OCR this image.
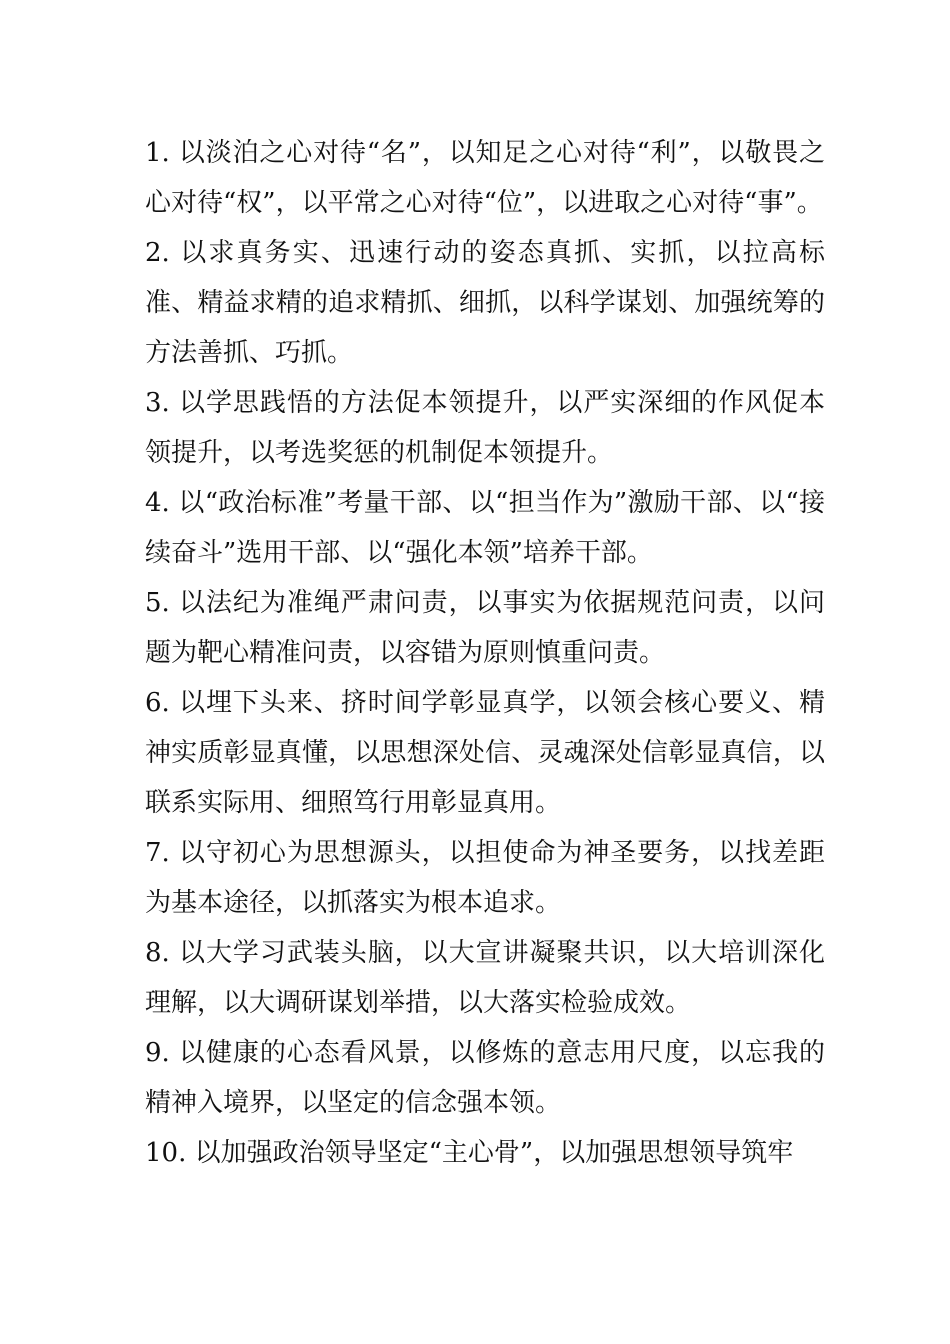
1. 以淡泊之心对待“名”，以知足之心对待“利”，以敬畏之心对待“权”，以平常之心对待“位”，以进取之心对待“事”。

2. 以求真务实、迅速行动的姿态真抓、实抓，以拉高标准、精益求精的追求精抓、细抓，以科学谋划、加强统筹的方法善抓、巧抓。

3. 以学思践悟的方法促本领提升，以严实深细的作风促本领提升，以考选奖惩的机制促本领提升。

4. 以“政治标准”考量干部、以“担当作为”激励干部、以“接续奋斗”选用干部、以“强化本领”培养干部。

5. 以法纪为准绳严肃问责，以事实为依据规范问责，以问题为靶心精准问责，以容错为原则慎重问责。

6. 以埋下头来、挤时间学彰显真学，以领会核心要义、精神实质彰显真懂，以思想深处信、灵魂深处信彰显真信，以联系实际用、细照笃行用彰显真用。

7. 以守初心为思想源头，以担使命为神圣要务，以找差距为基本途径，以抓落实为根本追求。

8. 以大学习武装头脑，以大宣讲凝聚共识，以大培训深化理解，以大调研谋划举措，以大落实检验成效。

9. 以健康的心态看风景，以修炼的意志用尺度，以忘我的精神入境界，以坚定的信念强本领。

10. 以加强政治领导坚定“主心骨”，以加强思想领导筑牢
